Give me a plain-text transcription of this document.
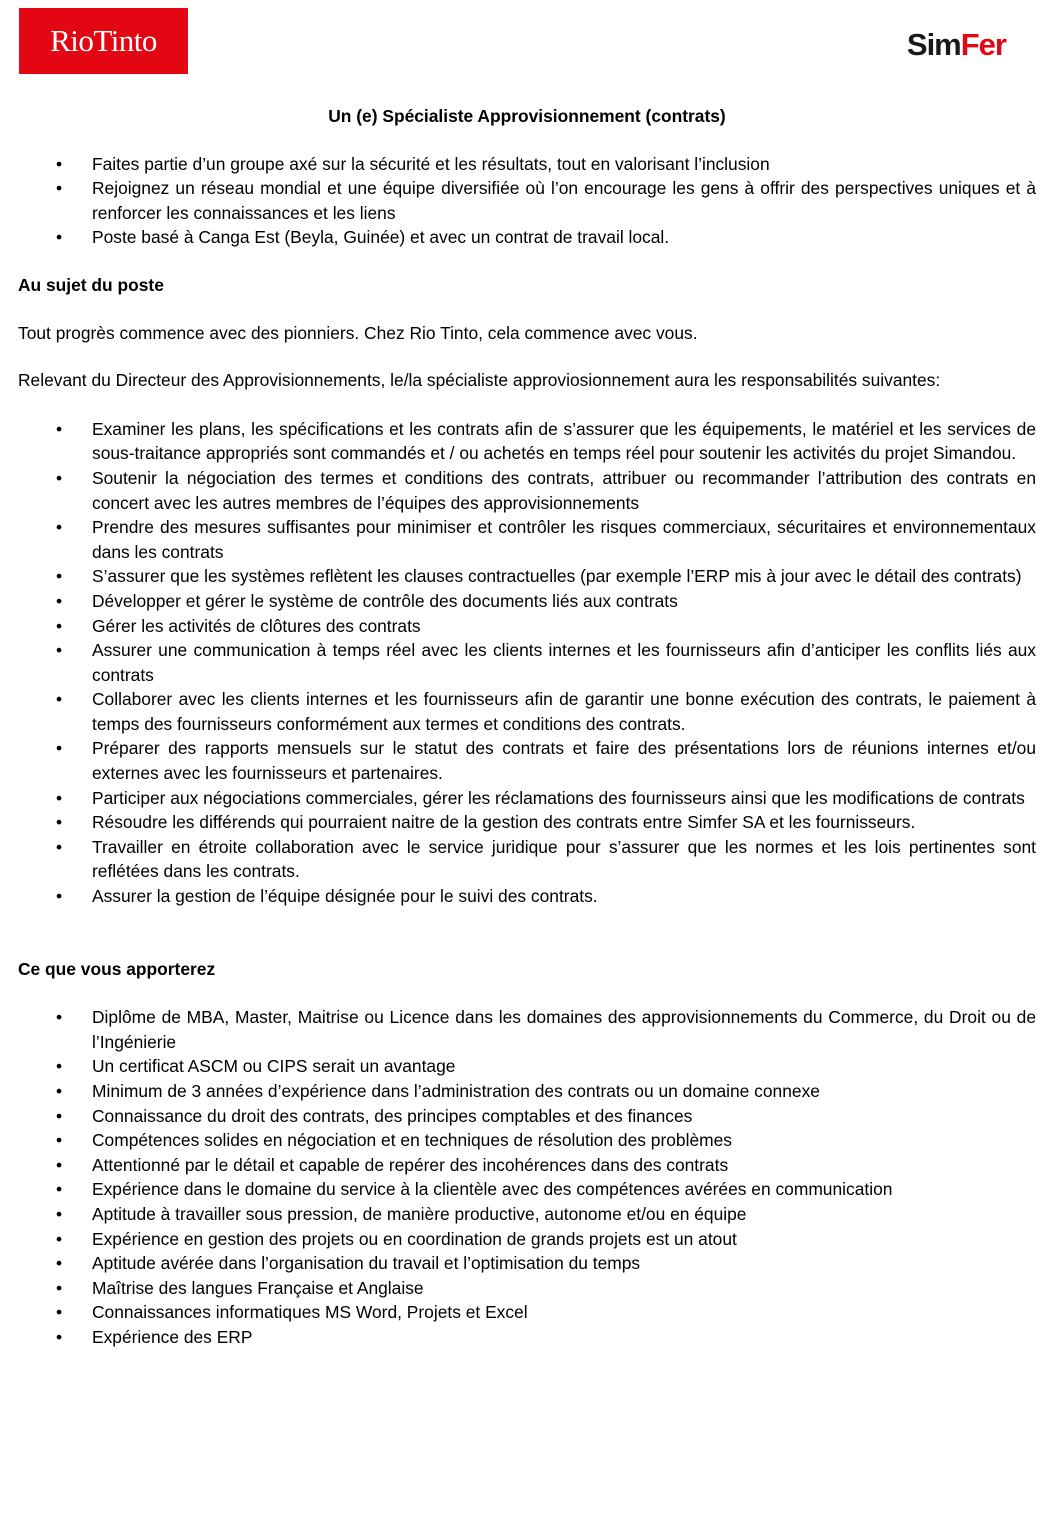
RioTinto	SimFer

Un (e) Spécialiste Approvisionnement (contrats)

• Faites partie d’un groupe axé sur la sécurité et les résultats, tout en valorisant l’inclusion
• Rejoignez un réseau mondial et une équipe diversifiée où l’on encourage les gens à offrir des perspectives uniques et à renforcer les connaissances et les liens
• Poste basé à Canga Est (Beyla, Guinée) et avec un contrat de travail local.

Au sujet du poste

Tout progrès commence avec des pionniers. Chez Rio Tinto, cela commence avec vous.

Relevant du Directeur des Approvisionnements, le/la spécialiste approviosionnement aura les responsabilités suivantes:

• Examiner les plans, les spécifications et les contrats afin de s’assurer que les équipements, le matériel et les services de sous-traitance appropriés sont commandés et / ou achetés en temps réel pour soutenir les activités du projet Simandou.
• Soutenir la négociation des termes et conditions des contrats, attribuer ou recommander l’attribution des contrats en concert avec les autres membres de l’équipes des approvisionnements
• Prendre des mesures suffisantes pour minimiser et contrôler les risques commerciaux, sécuritaires et environnementaux dans les contrats
• S’assurer que les systèmes reflètent les clauses contractuelles (par exemple l’ERP mis à jour avec le détail des contrats)
• Développer et gérer le système de contrôle des documents liés aux contrats
• Gérer les activités de clôtures des contrats
• Assurer une communication à temps réel avec les clients internes et les fournisseurs afin d’anticiper les conflits liés aux contrats
• Collaborer avec les clients internes et les fournisseurs afin de garantir une bonne exécution des contrats, le paiement à temps des fournisseurs conformément aux termes et conditions des contrats.
• Préparer des rapports mensuels sur le statut des contrats et faire des présentations lors de réunions internes et/ou externes avec les fournisseurs et partenaires.
• Participer aux négociations commerciales, gérer les réclamations des fournisseurs ainsi que les modifications de contrats
• Résoudre les différends qui pourraient naitre de la gestion des contrats entre Simfer SA et les fournisseurs.
• Travailler en étroite collaboration avec le service juridique pour s’assurer que les normes et les lois pertinentes sont reflétées dans les contrats.
• Assurer la gestion de l’équipe désignée pour le suivi des contrats.

Ce que vous apporterez

• Diplôme de MBA, Master, Maitrise ou Licence dans les domaines des approvisionnements du Commerce, du Droit ou de l’Ingénierie
• Un certificat ASCM ou CIPS serait un avantage
• Minimum de 3 années d’expérience dans l’administration des contrats ou un domaine connexe
• Connaissance du droit des contrats, des principes comptables et des finances
• Compétences solides en négociation et en techniques de résolution des problèmes
• Attentionné par le détail et capable de repérer des incohérences dans des contrats
• Expérience dans le domaine du service à la clientèle avec des compétences avérées en communication
• Aptitude à travailler sous pression, de manière productive, autonome et/ou en équipe
• Expérience en gestion des projets ou en coordination de grands projets est un atout
• Aptitude avérée dans l’organisation du travail et l’optimisation du temps
• Maîtrise des langues Française et Anglaise
• Connaissances informatiques MS Word, Projets et Excel
• Expérience des ERP
